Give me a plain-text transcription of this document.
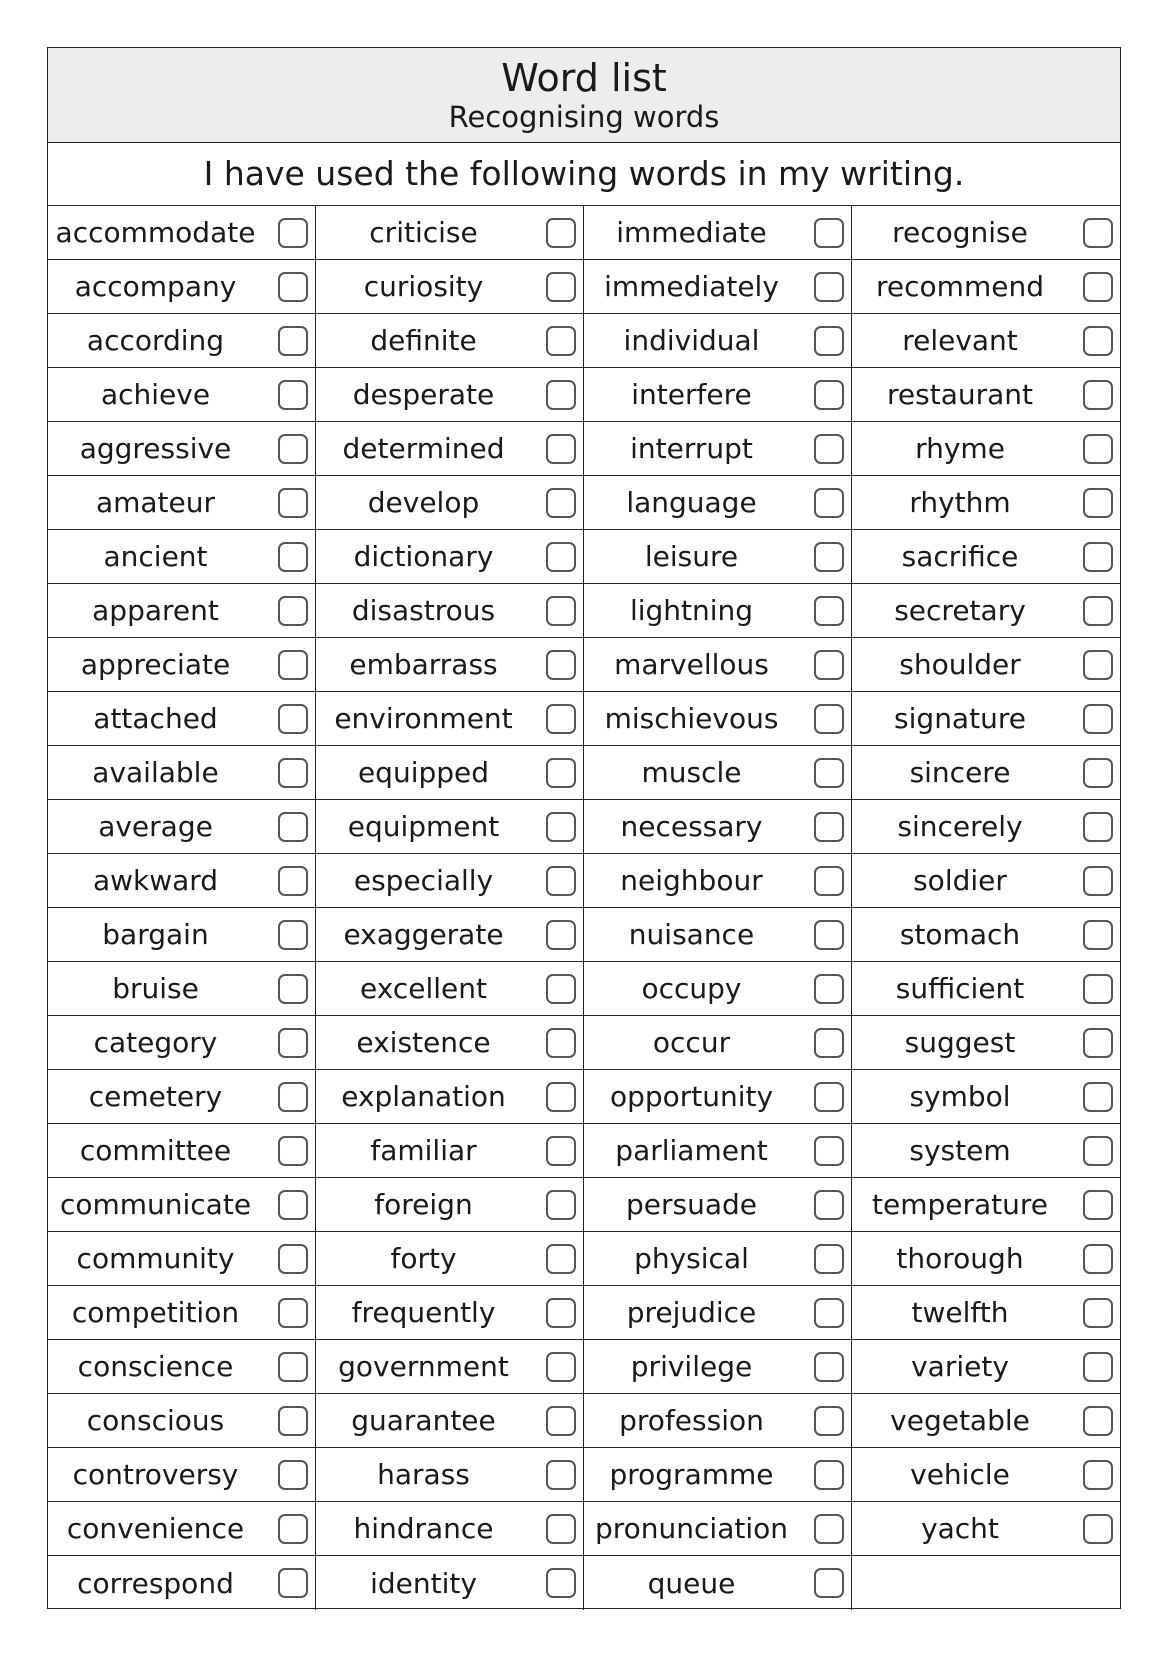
Word list
Recognising words
I have used the following words in my writing.
accommodate	criticise	immediate	recognise
accompany	curiosity	immediately	recommend
according	definite	individual	relevant
achieve	desperate	interfere	restaurant
aggressive	determined	interrupt	rhyme
amateur	develop	language	rhythm
ancient	dictionary	leisure	sacrifice
apparent	disastrous	lightning	secretary
appreciate	embarrass	marvellous	shoulder
attached	environment	mischievous	signature
available	equipped	muscle	sincere
average	equipment	necessary	sincerely
awkward	especially	neighbour	soldier
bargain	exaggerate	nuisance	stomach
bruise	excellent	occupy	sufficient
category	existence	occur	suggest
cemetery	explanation	opportunity	symbol
committee	familiar	parliament	system
communicate	foreign	persuade	temperature
community	forty	physical	thorough
competition	frequently	prejudice	twelfth
conscience	government	privilege	variety
conscious	guarantee	profession	vegetable
controversy	harass	programme	vehicle
convenience	hindrance	pronunciation	yacht
correspond	identity	queue
